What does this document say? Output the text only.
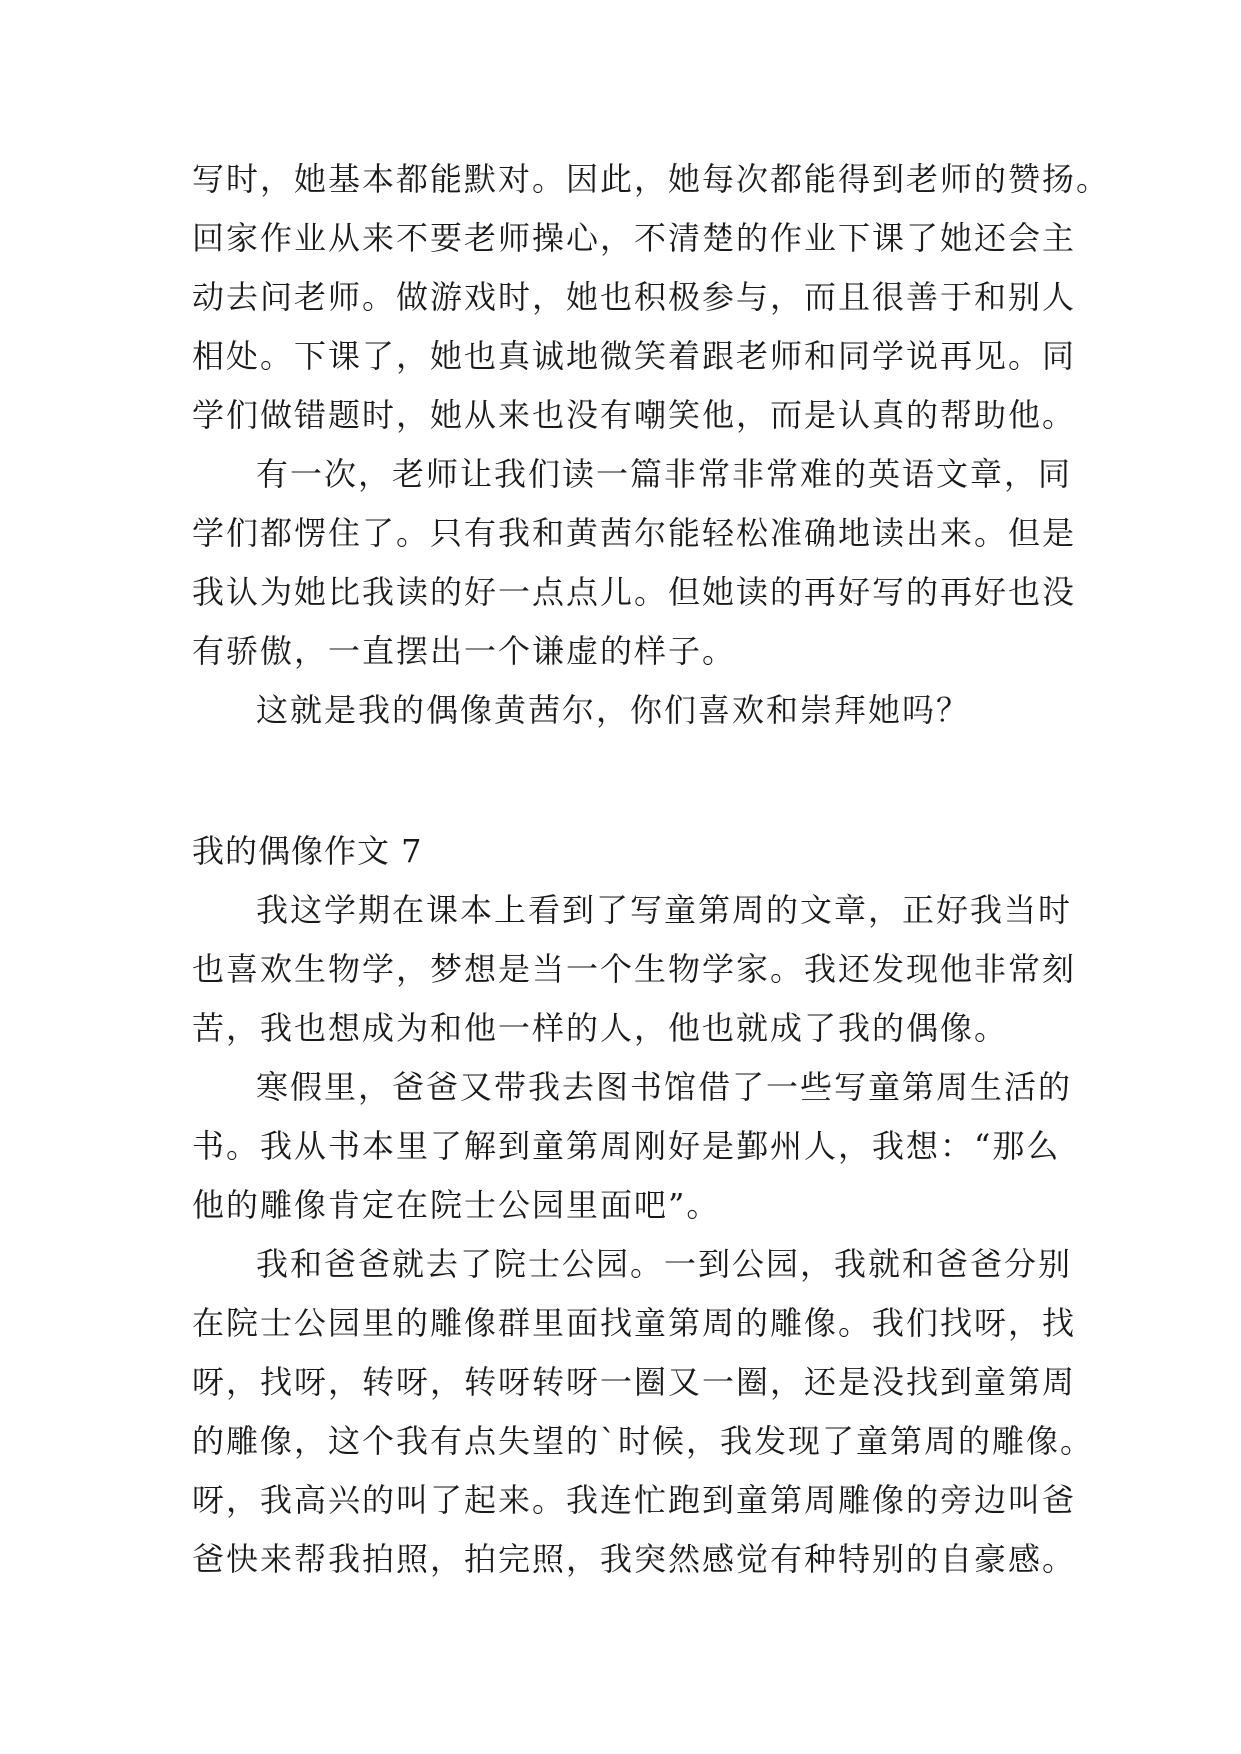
写时，她基本都能默对。因此，她每次都能得到老师的赞扬。
回家作业从来不要老师操心，不清楚的作业下课了她还会主
动去问老师。做游戏时，她也积极参与，而且很善于和别人
相处。下课了，她也真诚地微笑着跟老师和同学说再见。同
学们做错题时，她从来也没有嘲笑他，而是认真的帮助他。
有一次，老师让我们读一篇非常非常难的英语文章，同
学们都愣住了。只有我和黄茜尔能轻松准确地读出来。但是
我认为她比我读的好一点点儿。但她读的再好写的再好也没
有骄傲，一直摆出一个谦虚的样子。
这就是我的偶像黄茜尔，你们喜欢和崇拜她吗？
我的偶像作文 7
我这学期在课本上看到了写童第周的文章，正好我当时
也喜欢生物学，梦想是当一个生物学家。我还发现他非常刻
苦，我也想成为和他一样的人，他也就成了我的偶像。
寒假里，爸爸又带我去图书馆借了一些写童第周生活的
书。我从书本里了解到童第周刚好是鄞州人，我想：“那么
他的雕像肯定在院士公园里面吧”。
我和爸爸就去了院士公园。一到公园，我就和爸爸分别
在院士公园里的雕像群里面找童第周的雕像。我们找呀，找
呀，找呀，转呀，转呀转呀一圈又一圈，还是没找到童第周
的雕像，这个我有点失望的`时候，我发现了童第周的雕像。
呀，我高兴的叫了起来。我连忙跑到童第周雕像的旁边叫爸
爸快来帮我拍照，拍完照，我突然感觉有种特别的自豪感。
